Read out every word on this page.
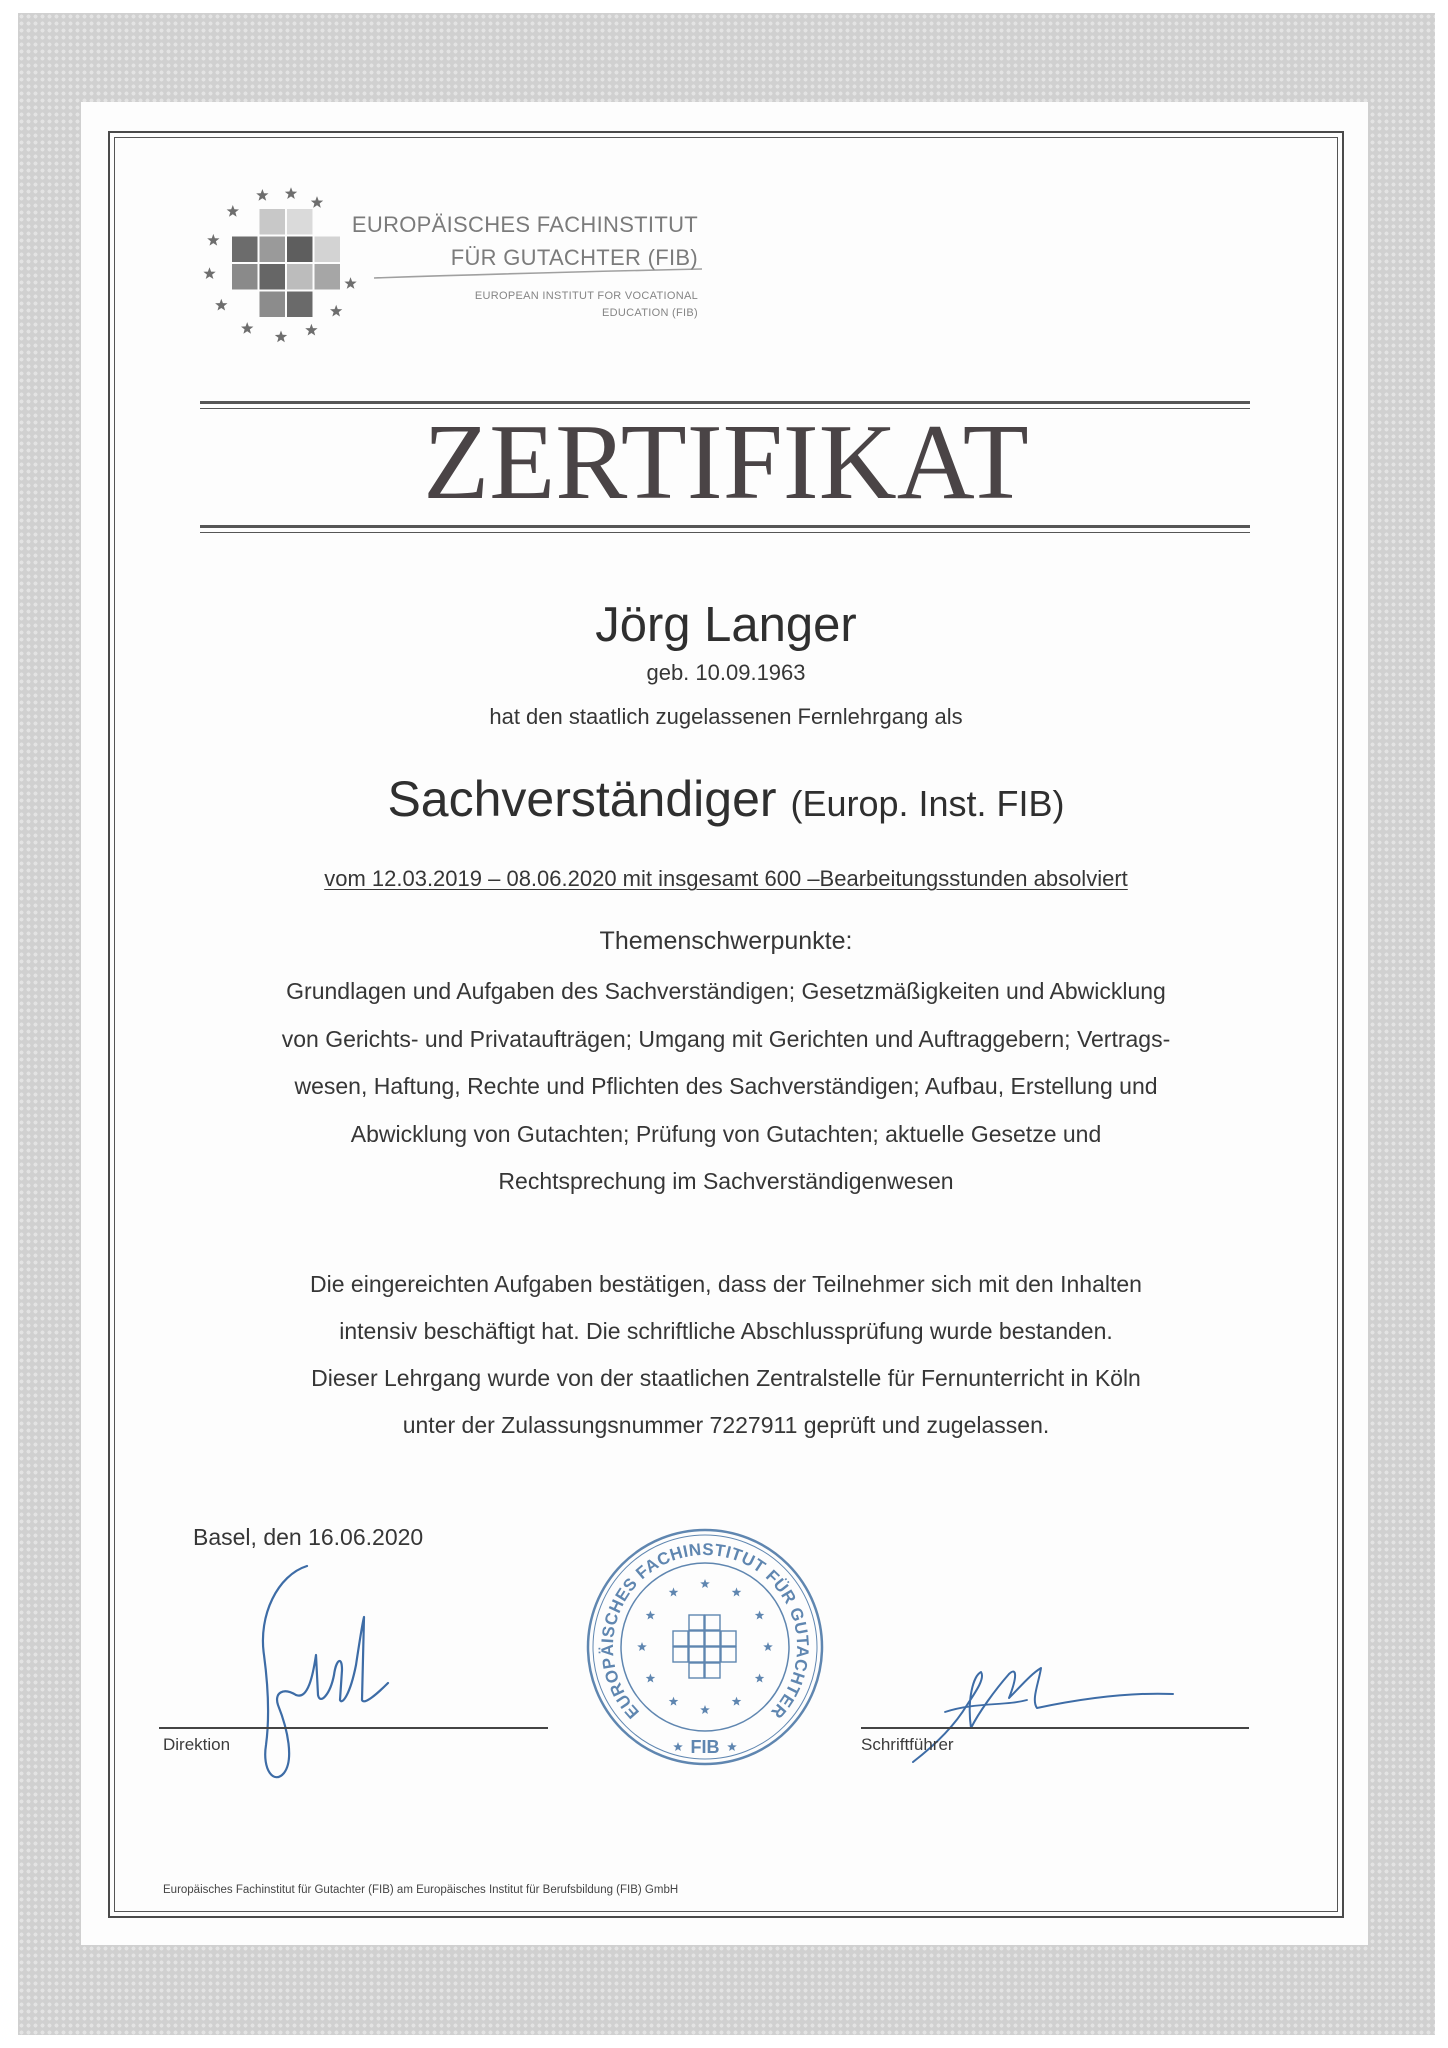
EUROPÄISCHES FACHINSTITUT
FÜR GUTACHTER (FIB)
EUROPEAN INSTITUT FOR VOCATIONAL
EDUCATION (FIB)
ZERTIFIKAT
Jörg Langer
geb. 10.09.1963
hat den staatlich zugelassenen Fernlehrgang als
Sachverständiger (Europ. Inst. FIB)
vom 12.03.2019 – 08.06.2020 mit insgesamt 600 –Bearbeitungsstunden absolviert
Themenschwerpunkte:
Grundlagen und Aufgaben des Sachverständigen; Gesetzmäßigkeiten und Abwicklung
von Gerichts- und Privataufträgen; Umgang mit Gerichten und Auftraggebern; Vertrags-
wesen, Haftung, Rechte und Pflichten des Sachverständigen; Aufbau, Erstellung und
Abwicklung von Gutachten; Prüfung von Gutachten; aktuelle Gesetze und
Rechtsprechung im Sachverständigenwesen
Die eingereichten Aufgaben bestätigen, dass der Teilnehmer sich mit den Inhalten
intensiv beschäftigt hat. Die schriftliche Abschlussprüfung wurde bestanden.
Dieser Lehrgang wurde von der staatlichen Zentralstelle für Fernunterricht in Köln
unter der Zulassungsnummer 7227911 geprüft und zugelassen.
Basel, den 16.06.2020
Direktion
EUROPÄISCHES FACHINSTITUT FÜR GUTACHTER
FIB	Schriftführer
Europäisches Fachinstitut für Gutachter (FIB) am Europäisches Institut für Berufsbildung (FIB) GmbH
